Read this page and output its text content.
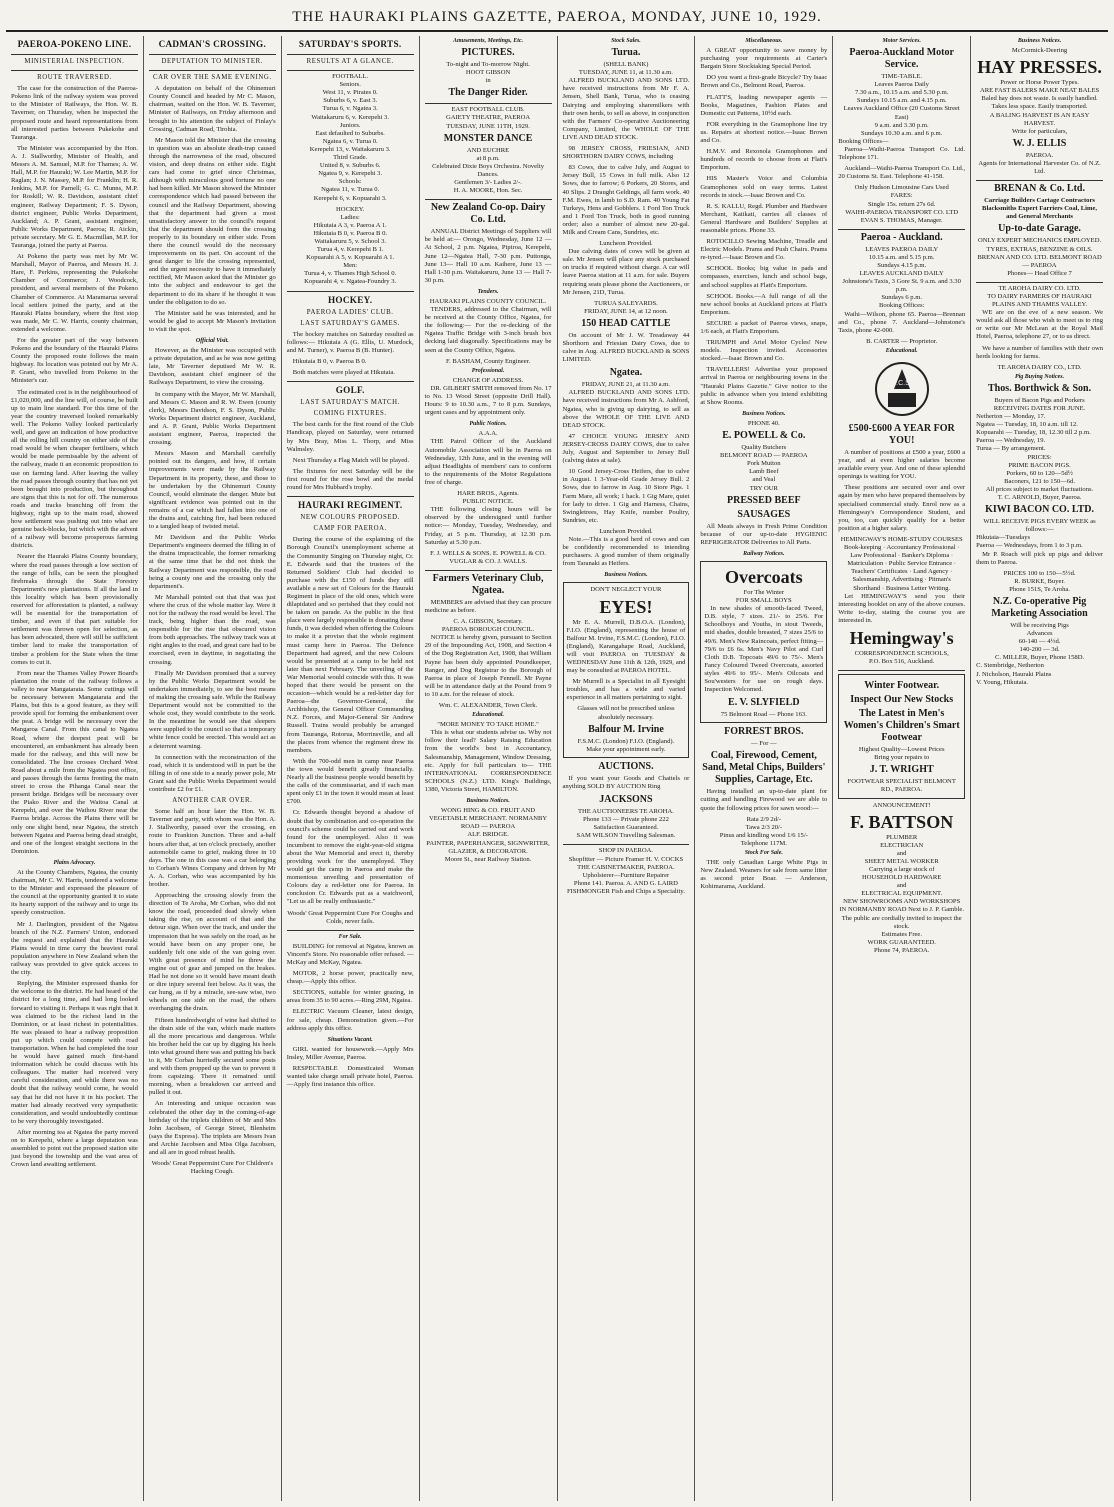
THE HAURAKI PLAINS GAZETTE, PAEROA, MONDAY, JUNE 10, 1929.
PAEROA-POKENO LINE.
MINISTERIAL INSPECTION.
ROUTE TRAVERSED.

The case for the construction of the Paeroa-Pokeno link of the railway system was proved to the Minister of Railways, the Hon. W. B. Taverner, on Thursday, when he inspected the proposed route and heard representations from all interested parties between Pukekohe and Tauranga.

The Minister was accompanied by the Hon. A. J. Stallworthy, Minister of Health, and Messrs A. M. Samuel, M.P. for Thames; A. W. Hall, M.P. for Hauraki; W. Lee Martin, M.P. for Raglan; J. N. Massey, M.P. for Franklin; H. R. Jenkins, M.P. for Parnell; G. C. Munns, M.P. for Roskill; W. R. Davidson, assistant chief engineer, Railway Department; F. S. Dyson, district engineer, Public Works Department, Auckland; A. P. Grant, assistant engineer, Public Works Department, Paeroa; R. Aickin, private secretary. Mr G. E. Macmillan, M.P. for Tauranga, joined the party at Paeroa.

At Pokeno the party was met by Mr W. Marshall, Mayor of Paeroa, and Messrs H. J. Hare, F. Perkins, representing the Pukekohe Chamber of Commerce; J. Woodcock, president, and several members of the Pokeno Chamber of Commerce. At Maramarua several local settlers joined the party, and at the Hauraki Plains boundary, where the first stop was made, Mr C. W. Harris, county chairman, extended a welcome.

For the greater part of the way between Pokeno and the boundary of the Hauraki Plains County the proposed route follows the main highway. Its location was pointed out by Mr A. P. Grant, who travelled from Pokeno in the Minister's car.

The estimated cost is in the neighbourhood of £1,020,000, and the line will, of course, be built up to main line standard. For this time of the year the country traversed looked remarkably well. The Pokeno Valley looked particularly well, and gave an indication of how productive all the rolling hill country on either side of the road would be when cheaper fertilisers, which would be made permissable by the advent of the railway, made it an economic proposition to use on farming land. After leaving the valley the road passes through country that has not yet been brought into production, but throughout are signs that this is not for off. The numerous roads and tracks branching off from the highway, right up to the main road, showed how settlement was pushing out into what are genuine back-blocks, but which with the advent of a railway will become prosperous farming districts.

Nearer the Hauraki Plains County boundary, where the road passes through a low section of the range of hills, can be seen the ploughed firebreaks through the State Forestry Department's new plantations. If all the land in this locality which has been provisionally reserved for afforestation is planted, a railway will be essential for the transportation of timber, and even if that part suitable for settlement was thrown open for selection, as has been advocated, there will still be sufficient timber land to make the transportation of timber a problem for the State when the time comes to cut it.

From near the Thames Valley Power Board's plantation the route of the railway follows a valley to near Mangatarata. Some cuttings will be necessary between Mangatarata and the Plains, but this is a good feature, as they will provide spoil for forming the embankment over the peat. A bridge will be necessary over the Mangaroa Canal. From this canal to Ngatea Road, where the deepest peat will be encountered, an embankment has already been made for the railway, and this will now be consolidated. The line crosses Orchard West Road about a mile from the Ngatea post office, and passes through the farms fronting the main street to cross the Pihanga Canal near the present bridge. Bridges will be necessary over the Piako River and the Waitoa Canal at Kerepehi, and over the Waihou River near the Paeroa bridge. Across the Plains there will be only one slight bend, near Ngatea, the stretch between Ngatea and Paeroa being dead straight, and one of the longest straight sections in the Dominion.

Plains Advocacy.

At the County Chambers, Ngatea, the county chairman, Mr C. W. Harris, tendered a welcome to the Minister and expressed the pleasure of the council at the opportunity granted it to state its hearty support of the railway and to urge its speedy construction.

Mr J. Darlington, president of the Ngatea branch of the N.Z. Farmers' Union, endorsed the request and explained that the Hauraki Plains would in time carry the heaviest rural population anywhere in New Zealand when the railway was provided to give quick access to the city.

Replying, the Minister expressed thanks for the welcome to the district. He had heard of the district for a long time, and had long looked forward to visiting it. Perhaps it was right that it was claimed to be the richest land in the Dominion, or at least richest in potentialities. He was pleased to hear a railway proposition put up which could compete with road transportation. When he had completed the tour he would have gained much first-hand information which he could discuss with his colleagues. The matter had received very careful consideration, and while there was no doubt that the railway would come, he would say that he did not have it in his pocket. The matter had already received very sympathetic consideration, and would undoubtedly continue to be very thoroughly investigated.

After morning tea at Ngatea the party moved on to Kerepehi, where a large deputation was assembled to point out the proposed station site just beyond the township and the vast area of Crown land awaiting settlement.

CADMAN'S CROSSING.
DEPUTATION TO MINISTER.
CAR OVER THE SAME EVENING.

A deputation on behalf of the Ohinemuri County Council and headed by Mr C. Mason, chairman, waited on the Hon. W. B. Taverner, Minister of Railways, on Friday afternoon and brought to his attention the subject of Finlay's Crossing, Cadman Road, Tirohia.

Mr Mason told the Minister that the crossing in question was an absolute death-trap caused through the narrowness of the road, obscured vision, and deep drains on either side. Eight cars had come to grief since Christmas, although with miraculous good fortune no one had been killed. Mr Mason showed the Minister correspondence which had passed between the council and the Railway Department, showing that the department had given a most unsatisfactory answer to the council's request that the department should form the crossing properly to its boundary on either side. From there the council would do the necessary improvements on its part. On account of the great danger to life the crossing represented, and the urgent necessity to have it immediately rectified, Mr Mason asked that the Minister go into the subject and endeavour to get the department to do its share if he thought it was under the obligation to do so.

The Minister said he was interested, and he would be glad to accept Mr Mason's invitation to visit the spot.

Official Visit.

However, as the Minister was occupied with a private deputation, and as he was now getting late, Mr Taverner deputised Mr W. R. Davidson, assistant chief engineer of the Railways Department, to view the crossing.

In company with the Mayor, Mr W. Marshall, and Messrs C. Mason and R. W. Ewen (county clerk), Messrs Davidson, F. S. Dyson, Public Works Department district engineer, Auckland, and A. P. Grant, Public Works Department assistant engineer, Paeroa, inspected the crossing.

Messrs Mason and Marshall carefully pointed out its dangers, and how, if certain improvements were made by the Railway Department in its property, these, and those to be undertaken by the Ohinemuri County Council, would eliminate the danger. Mute but significant evidence was pointed out in the remains of a car which had fallen into one of the drains and, catching fire, had been reduced to a tangled heap of twisted metal.

Mr Davidson and the Public Works Department's engineers deemed the filling in of the drains impracticable, the former remarking at the same time that he did not think the Railway Department was responsible, the road being a county one and the crossing only the department's.

Mr Marshall pointed out that that was just where the crux of the whole matter lay. Were it not for the railway the road would be level. The track, being higher than the road, was responsible for the rise that obscured vision from both approaches. The railway track was at right angles to the road, and great care had to be exercised, even in daytime, in negotiating the crossing.

Finally Mr Davidson promised that a survey by the Public Works Department would be undertaken immediately, to see the best means of making the crossing safe. While the Railway Department would not be committed to the whole cost, they would contribute to the work. In the meantime he would see that sleepers were supplied to the council so that a temporary white fence could be erected. This would act as a deterrent warning.

In connection with the reconstruction of the road, which it is understood will in part be the filling in of one side to a nearly power pole, Mr Grant said the Public Works Department would contribute £2 for £1.

ANOTHER CAR OVER.

Some half an hour later the Hon. W. B. Taverner and party, with whom was the Hon. A. J. Stallworthy, passed over the crossing, en route to Frankton Junction. Three and a-half hours after that, at ten o'clock precisely, another automobile came to grief, making three in 10 days. The one in this case was a car belonging to Corban's Wines Company and driven by Mr A. A. Corban, who was accompanied by his brother.

Approaching the crossing slowly from the direction of Te Aroha, Mr Corban, who did not know the road, proceeded dead slowly when taking the rise, on account of that and the detour sign. When over the track, and under the impression that he was safely on the road, as he would have been on any proper one, he suddenly felt one side of the van going over. With great presence of mind he threw the engine out of gear and jumped on the brakes. Had he not done so it would have meant death or dire injury several feet below. As it was, the car hung, as if by a miracle, see-saw wise, two wheels on one side on the road, the others overhanging the drain.

Fifteen hundredweight of wine had shifted to the drain side of the van, which made matters all the more precarious and dangerous. While his brother held the car up by digging his heels into what ground there was and putting his back to it, Mr Corban hurriedly secured some posts and with them propped up the van to prevent it from capsizing. There it remained until morning, when a breakdown car arrived and pulled it out.

An interesting and unique occasion was celebrated the other day in the coming-of-age birthday of the triplets children of Mr and Mrs John Jacobsen, of George Street, Blenheim (says the Express). The triplets are Messrs Ivan and Archie Jacobsen and Miss Olga Jacobsen, and all are in good robust health.

Woods' Great Peppermint Cure For Children's Hacking Cough.
SATURDAY'S SPORTS.
RESULTS AT A GLANCE.
FOOTBALL.
Seniors.
West 11, v. Pirates 0.
Suburbs 6, v. East 3.
Turua 6, v. Ngatea 3.
Waitakaruru 6, v. Kerepehi 3.
Juniors.
East defaulted to Suburbs.
Ngatea 6, v. Turua 0.
Kerepehi 13, v. Waitakaruru 3.
Third Grade.
United 8, v. Suburbs 6.
Ngatea 9, v. Kerepehi 3.
Schools:
Ngatea 11, v. Turua 0.
Kerepehi 6, v. Kopuarahi 3.
HOCKEY.
Ladies:
Hikutaia A 3, v. Paeroa A 1.
Hikutaia B 0, v. Paeroa B 0.
Waitakaruru 5, v. School 3.
Turua 4, v. Kerepehi B 1.
Kopuarahi A 5, v. Kopuarahi A 1.
Men:
Turua 4, v. Thames High School 0.
Kopuarahi 4, v. Ngatea-Foundry 3.
HOCKEY.
PAEROA LADIES' CLUB.
LAST SATURDAY'S GAMES.

The hockey matches on Saturday resulted as follows:— Hikutaia A (G. Ellis, U. Murdock, and M. Turner), v. Paeroa B (B. Hunter).

Hikutaia B 0, v. Paeroa B 0.

Both matches were played at Hikutaia.

GOLF.
LAST SATURDAY'S MATCH.
COMING FIXTURES.

The best cards for the first round of the Club Handicap, played on Saturday, were returned by Mrs Bray, Miss L. Thorp, and Miss Walmsley.

Next Thursday a Flag Match will be played.

The fixtures for next Saturday will be the first round for the rose bowl and the medal round for Mrs Hubbard's trophy.

HAURAKI REGIMENT.
NEW COLOURS PROPOSED.
CAMP FOR PAEROA.

During the course of the explaining of the Borough Council's unemployment scheme at the Community Singing on Thursday night, Cr. E. Edwards said that the trustees of the Returned Soldiers' Club had decided to purchase with the £150 of funds they still available a new set of Colours for the Hauraki Regiment in place of the old ones, which were dilapidated and so perished that they could not be taken on parade. As the public in the first place were largely responsible in donating these funds, it was decided when offering the Colours to make it a proviso that the whole regiment must camp here in Paeroa. The Defence Department had agreed, and the new Colours would be presented at a camp to be held not later than next February. The unveiling of the War Memorial would coincide with this. It was hoped that there would be present on the occasion—which would be a red-letter day for Paeroa—the Governor-General, the Archbishop, the General Officer Commanding N.Z. Forces, and Major-General Sir Andrew Russell. Trains would probably be arranged from Tauranga, Rotorua, Morrinsville, and all the places from whence the regiment drew its members.

With the 700-odd men in camp near Paeroa the town would benefit greatly financially. Nearly all the business people would benefit by the calls of the commissariat, and if each man spent only £1 in the town it would mean at least £700.

Cr. Edwards thought beyond a shadow of doubt that by combination and co-operation the council's scheme could be carried out and work found for the unemployed. Also it was incumbent to remove the eight-year-old stigma about the War Memorial and erect it, thereby providing work for the unemployed. They would get the camp in Paeroa and make the momentous unveiling and presentation of Colours day a red-letter one for Paeroa. In conclusion Cr. Edwards put as a watchword, "Let us all be really enthusiastic."

Woods' Great Peppermint Cure For Coughs and Colds, never fails.
For Sale.

BUILDING for removal at Ngatea, known as Vincent's Store. No reasonable offer refused. —McKay and McKay, Ngatea.

MOTOR, 2 horse power, practically new, cheap.—Apply this office.

SECTIONS, suitable for winter grazing, in areas from 35 to 90 acres.—Ring 29M, Ngatea.

ELECTRIC Vacuum Cleaner, latest design, for sale, cheap. Demonstration given.—For address apply this office.

Situations Vacant.

GIRL wanted for housework.—Apply Mrs Insley, Miller Avenue, Paeroa.

RESPECTABLE Domesticated Woman wanted take charge small private hotel, Paeroa.—Apply first instance this office.

Amusements, Meetings, Etc.
PICTURES.
To-night and To-morrow Night.
HOOT GIBSON
in
The Danger Rider.
EAST FOOTBALL CLUB.
GAIETY THEATRE, PAEROA
TUESDAY, JUNE 11TH, 1929.
MONSTER DANCE
AND EUCHRE
at 8 p.m.
Celebrated Dixie Boys Orchestra. Novelty Dances.
Gentlemen 3/- Ladies 2/-.
H. A. MOORE, Hon. Sec.
New Zealand Co-op. Dairy Co. Ltd.

ANNUAL District Meetings of Suppliers will be held at:— Orongo, Wednesday, June 12 — At School, 2 p.m. Ngatea, Pipiroa, Kerepehi, June 12—Ngatea Hall, 7-30 p.m. Puttonga, June 13— Hall 10 a.m. Kaihere, June 13 — Hall 1-30 p.m. Waitakaruru, June 13 — Hall 7-30 p.m.

Tenders.
HAURAKI PLAINS COUNTY COUNCIL.

TENDERS, addressed to the Chairman, will be received at the County Office, Ngatea, for the following:— For the re-decking of the Ngatea Traffic Bridge with 3-inch brush box decking laid diagonally. Specifications may be seen at the County Office, Ngatea.

F. BASHAM, County Engineer.
Professional.
CHANGE OF ADDRESS.

DR. GILBERT SMITH removed from No. 17 to No. 13 Wood Street (opposite Drill Hall). Hours: 9 to 10.30 a.m., 7 to 8 p.m. Sundays, urgent cases and by appointment only.

Public Notices.
A.A.A.

THE Patrol Officer of the Auckland Automobile Association will be in Paeroa on Wednesday, 12th June, and in the evening will adjust Headlights of members' cars to conform to the requirements of the Motor Regulations free of charge.

HARE BROS., Agents.
PUBLIC NOTICE.

THE following closing hours will be observed by the undersigned until further notice:— Monday, Tuesday, Wednesday, and Friday, at 5 p.m. Thursday, at 12.30 p.m. Saturday at 5.30 p.m.

F. J. WELLS & SONS. E. POWELL & CO. VUGLAR & CO. J. WALLS.
Farmers Veterinary Club, Ngatea.

MEMBERS are advised that they can procure medicine as before.

C. A. GIBSON, Secretary.
PAEROA BOROUGH COUNCIL.

NOTICE is hereby given, pursuant to Section 29 of the Impounding Act, 1908, and Section 4 of the Dog Registration Act, 1908, that William Payne has been duly appointed Poundkeeper, Ranger, and Dog Registrar to the Borough of Paeroa in place of Joseph Fennell. Mr Payne will be in attendance daily at the Pound from 9 to 10 a.m. for the release of stock.

Wm. C. ALEXANDER, Town Clerk.
Educational.
"MORE MONEY TO TAKE HOME."

This is what our students advise us. Why not follow their lead? Salary Raising Education from the world's best in Accountancy, Salesmanship, Management, Window Dressing, etc. Apply for full particulars to— THE INTERNATIONAL CORRESPONDENCE SCHOOLS (N.Z.) LTD. King's Buildings, 1380, Victoria Street, HAMILTON.

Business Notices.
WONG HING & CO. FRUIT AND VEGETABLE MERCHANT. NORMANBY ROAD — PAEROA
ALF. BRIDGE.
PAINTER, PAPERHANGER, SIGNWRITER, GLAZIER, & DECORATOR.
Moore St., near Railway Station.
Stock Sales.
Turua.
(SHELL BANK)
TUESDAY, JUNE 11, at 11.30 a.m.

ALFRED BUCKLAND AND SONS LTD. have received instructions from Mr F. A. Jensen, Shell Bank, Turua, who is ceasing Dairying and employing sharemilkers with their own herds, to sell as above, in conjunction with the Farmers' Co-operative Auctioneering Company, Limited, the WHOLE OF THE LIVE AND DEAD STOCK.

98 JERSEY CROSS, FRIESIAN, AND SHORTHORN DAIRY COWS, including

83 Cows, due to calve July, and August to Jersey Bull, 15 Cows in full milk. Also 12 Sows, due to farrow; 6 Porkers, 20 Stores, and 40 Slips. 2 Draught Geldings, all farm work. 40 F.M. Ewes, in lamb to S.D. Ram. 40 Young Fat Turkeys, Hens and Gobblers. 1 Ford Ton Truck and 1 Ford Ton Truck, both in good running order; also a number of almost new 20-gal. Milk and Cream Cans, Sundries, etc.

Luncheon Provided.

Due calving dates of cows will be given at sale. Mr Jensen will place any stock purchased on trucks if required without charge. A car will leave Paeroa station at 11 a.m. for sale. Buyers requiring seats please phone the Auctioneers, or Mr Jensen, 21D, Turua.

TURUA SALEYARDS.
FRIDAY, JUNE 14, at 12 noon.
150 HEAD CATTLE

On account of Mr J. W. Treadaway 44 Shorthorn and Friesian Dairy Cows, due to calve in Aug. ALFRED BUCKLAND & SONS LIMITED.

Ngatea.
FRIDAY, JUNE 21, at 11.30 a.m.

ALFRED BUCKLAND AND SONS LTD. have received instructions from Mr A. Ashford, Ngatea, who is giving up dairying, to sell as above the WHOLE OF THE LIVE AND DEAD STOCK.

47 CHOICE YOUNG JERSEY AND JERSEY-CROSS DAIRY COWS, due to calve July, August and September to Jersey Bull (calving dates at sale).

10 Good Jersey-Cross Heifers, due to calve in August. 1 3-Year-old Grade Jersey Bull. 2 Sows, due to farrow in Aug. 10 Store Pigs. 1 Farm Mare, all work; 1 hack. 1 Gig Mare, quiet for lady to drive. 1 Gig and Harness, Chains, Swingletrees, Hay Knife, number Poultry, Sundries, etc.

Luncheon Provided.

Note.—This is a good herd of cows and can be confidently recommended to intending purchasers. A good number of them originally from Taranaki as Heifers.

Business Notices.
DON'T NEGLECT YOUR
EYES!

Mr E. A. Murrell, D.B.O.A. (London), F.I.O. (England), representing the house of Balfour M. Irvine, F.S.M.C. (London), F.I.O. (England), Karangahape Road, Auckland, will visit PAEROA on TUESDAY & WEDNESDAY June 11th & 12th, 1929, and may be consulted at PAEROA HOTEL.

Mr Murrell is a Specialist in all Eyesight troubles, and has a wide and varied experience in all matters pertaining to sight.

Glasses will not be prescribed unless absolutely necessary.
Balfour M. Irvine
F.S.M.C. (London) F.I.O. (England).
Make your appointment early.
AUCTIONS.

If you want your Goods and Chattels or anything SOLD BY AUCTION Ring

JACKSONS
THE AUCTIONEERS TE AROHA.
Phone 133 — Private phone 222
Satisfaction Guaranteed.
SAM WILSON Travelling Salesman.
SHOP IN PAEROA.
Shopfitter — Picture Framer H. V. COCKS THE CABINETMAKER, PAEROA. Upholsterer—Furniture Repairer
Phone 141. Paeroa. A. AND G. LAIRD FISHMONGER Fish and Chips a Speciality.
Miscellaneous.

A GREAT opportunity to save money by purchasing your requirements at Carter's Bargain Store Stocktaking Special Period.

DO you want a first-grade Bicycle? Try Isaac Brown and Co., Belmont Road, Paeroa.

FLATT'S, leading newspaper agents — Books, Magazines, Fashion Plates and Domestic cut Patterns, 10½d each.

FOR everything in the Gramophone line try us. Repairs at shortest notice.—Isaac Brown and Co.

H.M.V. and Rexonola Gramophones and hundreds of records to choose from at Flatt's Emporium.

HIS Master's Voice and Columbia Gramophones sold on easy terms. Latest records in stock.—Isaac Brown and Co.

R. S. KALLU, Regd. Plumber and Hardware Merchant, Katikati, carries all classes of General Hardware and Builders' Supplies at reasonable prices. Phone 33.

ROTOCILLO Sewing Machine, Treadle and Electric Models. Prams and Push Chairs. Prams re-tyred.—Isaac Brown and Co.

SCHOOL Books; big value in pads and compasses, exercises, lunch and school bags, and school supplies at Flatt's Emporium.

SCHOOL Books.—A full range of all the new school books at Auckland prices at Flatt's Emporium.

SECURE a packet of Paeroa views, snaps, 1/6 each, at Flatt's Emporium.

TRIUMPH and Ariel Motor Cycles! New models. Inspection invited. Accessories stocked.—Isaac Brown and Co.

TRAVELLERS! Advertise your proposed arrival in Paeroa or neighbouring towns in the "Hauraki Plains Gazette." Give notice to the public in advance when you intend exhibiting at Show Rooms.

Business Notices.
PHONE 40.
E. POWELL & Co.
Quality Butchers
BELMONT ROAD — PAEROA
Pork Mutton
Lamb Beef
and Veal
TRY OUR
PRESSED BEEF
SAUSAGES

All Meats always in Fresh Prime Condition because of our up-to-date HYGIENIC REFRIGERATOR Deliveries to All Parts.

Railway Notices.
Overcoats
For The Winter
FOR SMALL BOYS

In new shades of smooth-faced Tweed, D.B. style, 7 sizes. 21/- to 25/6. For Schoolboys and Youths, in stout Tweeds, mid shades, double breasted, 7 sizes 25/6 to 49/6. Men's New Raincoats, perfect fitting—79/6 to £6 6s. Men's Navy Pilot and Curl Cloth D.B. Topcoats 49/6 to 75/-. Men's Fancy Coloured Tweed Overcoats, assorted styles 49/6 to 95/-. Men's Oilcoats and Sou'westers for use on rough days. Inspection Welcomed.

E. V. SLYFIELD
75 Belmont Road — Phone 163.
FORREST BROS.
— For —
Coal, Firewood, Cement, Sand, Metal Chips, Builders' Supplies, Cartage, Etc.

Having installed an up-to-date plant for cutting and handling Firewood we are able to quote the following prices for sawn wood:—

Rata 2/9 2d/-
Tawa 2/3 20/-
Pinus and kindling wood 1/6 15/-
Telephone 117M.
Stock For Sale.

THE only Canadian Large White Pigs in New Zealand. Weaners for sale from same litter as second prize Boar. — Anderson, Kohimarama, Auckland.

Motor Services.
Paeroa-Auckland Motor Service.
TIME-TABLE.
Leaves Paeroa Daily
7.30 a.m., 10.15 a.m. and 5.30 p.m.
Sundays 10.15 a.m. and 4.15 p.m.
Leaves Auckland Office (20 Customs Street East)
9 a.m. and 3.30 p.m.
Sundays 10.30 a.m. and 6 p.m.
Booking Offices—

Paeroa—Waihi-Paeroa Transport Co. Ltd. Telephone 171.

Auckland—Waihi-Paeroa Transport Co. Ltd., 20 Customs St. East. Telephone 41-158.

Only Hudson Limousine Cars Used
FARES:
Single 15s. return 27s 6d.
WAIHI-PAEROA TRANSPORT CO. LTD
EVAN S. THOMAS, Manager.
Paeroa - Auckland.
LEAVES PAEROA DAILY
10.15 a.m. and 5.15 p.m.
Sundays 4.15 p.m.
LEAVES AUCKLAND DAILY
Johnstone's Taxis, 3 Gore St. 9 a.m. and 3.30 p.m.
Sundays 6 p.m.
Booking Offices:

Waihi—Wilson, phone 65. Paeroa—Brennan and Co., phone 7. Auckland—Johnstone's Taxis, phone 42-000.

B. CARTER — Proprietor.
Educational.
I.C.S
£500-£600 A YEAR FOR YOU!

A number of positions at £500 a year, £600 a year, and at even higher salaries become available every year. And one of these splendid openings is waiting for YOU.

These positions are secured over and over again by men who have prepared themselves by specialised commercial study. Enrol now as a Hemingway's Correspondence Student, and you, too, can quickly qualify for a better position at a higher salary.

HEMINGWAY'S HOME-STUDY COURSES
Book-keeping · Accountancy Professional · Law Professional · Banker's Diploma · Matriculation · Public Service Entrance · Teachers' Certificates · Land Agency · Salesmanship, Advertising · Pitman's Shorthand · Business Letter Writing.

Let HEMINGWAY'S send you their interesting booklet on any of the above courses. Write to-day, stating the course you are interested in.

Hemingway's
CORRESPONDENCE SCHOOLS,
P.O. Box 516, Auckland.
Winter Footwear.
Inspect Our New Stocks
The Latest in Men's Women's Children's Smart Footwear
Highest Quality—Lowest Prices
Bring your repairs to
J. T. WRIGHT
FOOTWEAR SPECIALIST BELMONT RD., PAEROA.
ANNOUNCEMENT!
F. BATTSON
PLUMBER
ELECTRICIAN
and
SHEET METAL WORKER
Carrying a large stock of
HOUSEHOLD HARDWARE
and
ELECTRICAL EQUIPMENT.
NEW SHOWROOMS AND WORKSHOPS
IN NORMANBY ROAD Next to J. P. Gamble.
The public are cordially invited to inspect the stock.
Estimates Free.
WORK GUARANTEED.
Phone 74, PAEROA.
Business Notices.
McCormick-Deering
HAY PRESSES.
Power or Horse Power Types.
ARE FAST BALERS MAKE NEAT BALES
Baled hay does not waste. Is easily handled. Takes less space. Easily transported.
A BALING HARVEST IS AN EASY HARVEST.
Write for particulars,
W. J. ELLIS
PAEROA.
Agents for International Harvester Co. of N.Z. Ltd.
BRENAN & Co. Ltd.
Carriage Builders Cartage Contractors Blacksmiths Expert Farriers Coal, Lime, and General Merchants
Up-to-date Garage.
ONLY EXPERT MECHANICS EMPLOYED.
TYRES, EXTRAS, BENZINE & OILS.
BRENAN AND CO. LTD. BELMONT ROAD — PAEROA
Phones— Head Office 7
TE AROHA DAIRY CO. LTD.
TO DAIRY FARMERS OF HAURAKI PLAINS AND THAMES VALLEY.

WE are on the eve of a new season. We would ask all those who wish to meet us to ring or write our Mr McLean at the Royal Mail Hotel, Paeroa, telephone 27, or to us direct.

We have a number of families with their own herds looking for farms.

TE AROHA DAIRY CO., LTD.
Pig Buying Notices.
Thos. Borthwick & Son.
Buyers of Bacon Pigs and Porkers
RECEIVING DATES FOR JUNE.
Netherton — Monday, 17.
Ngatea — Tuesday, 18, 10 a.m. till 12.
Kopuarahi — Tuesday, 18, 12.30 till 2 p.m.
Paeroa — Wednesday, 19.
Turua — By arrangement.
PRICES:
PRIME BACON PIGS.
Porkers, 60 to 120—5d½
Baconers, 121 to 150—6d.
All prices subject to market fluctuations.
T. C. ARNOLD, Buyer, Paeroa.
KIWI BACON CO. LTD.
WILL RECEIVE PIGS EVERY WEEK as follows:—
Hikutaia—Tuesdays
Paeroa — Wednesdays, from 1 to 3 p.m.

Mr P. Roach will pick up pigs and deliver them to Paeroa.

PRICES 100 to 150—5½d.
R. BURKE, Buyer.
Phone 151S, Te Aroha.
N.Z. Co-operative Pig Marketing Association
Will be receiving Pigs
Advances
60-140 — 4½d.
140-200 — 3d.
C. MILLER, Buyer, Phone 158D.
C. Stembridge, Netherton
J. Nicholson, Hauraki Plains
V. Young, Hikutaia.
